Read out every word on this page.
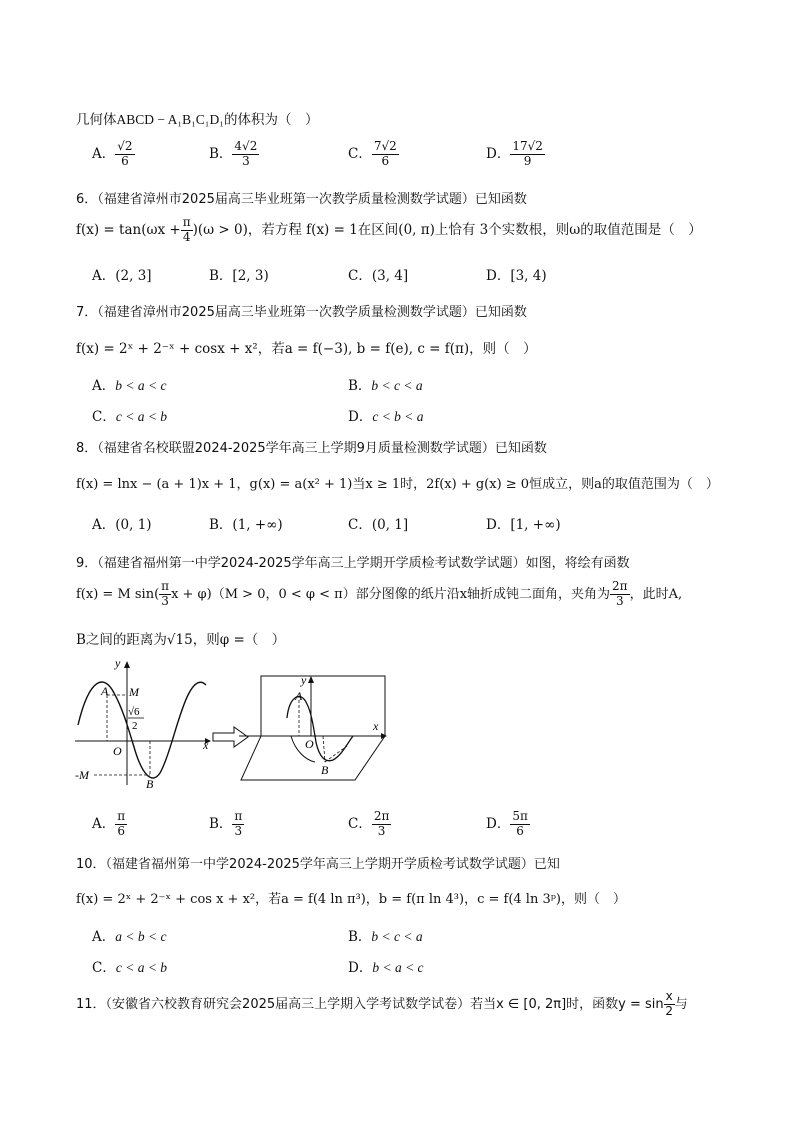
几何体ABCD − A₁B₁C₁D₁的体积为（　）
A． $\frac{√2}{6}$	B． $\frac{4√2}{3}$	C． $\frac{7√2}{6}$	D． $\frac{17√2}{9}$
6．（福建省漳州市2025届高三毕业班第一次教学质量检测数学试题）已知函数
$f(x) = \tan(\omega x + \frac{\pi}{4} )(\omega > 0)$，若方程 f(x) = 1在区间(0, π)上恰有 3个实数根，则ω的取值范围是（　）
A．(2, 3]	B．[2, 3)	C．(3, 4]	D．[3, 4)
7．（福建省漳州市2025届高三毕业班第一次教学质量检测数学试题）已知函数
f(x) = 2ˣ + 2⁻ˣ + cosx + x²，若a = f(−3), b = f(e), c = f(π)，则（　）
A．b < a < c	B．b < c < a
C．c < a < b	D．c < b < a
8．（福建省名校联盟2024-2025学年高三上学期9月质量检测数学试题）已知函数
f(x) = lnx − (a + 1)x + 1，g(x) = a(x² + 1)当x ≥ 1时，2f(x) + g(x) ≥ 0恒成立，则a的取值范围为（　）
A．(0, 1)	B．(1, +∞)	C．(0, 1]	D．[1, +∞)
9．（福建省福州第一中学2024-2025学年高三上学期开学质检考试数学试题）如图，将绘有函数
f(x) = M $\sin( \frac{\pi}{3}$ x + φ)（M > 0，0 < φ < π）部分图像的纸片沿x轴折成钝二面角，夹角为 $\frac{2\pi}{3}$ ，此时A,
B之间的距离为√15，则φ =（　）
y
x
A M
√6
2
O
-M
B
y
x
A
O
B
A． $\frac{\pi}{6}$	B． $\frac{\pi}{3}$	C． $\frac{2\pi}{3}$	D． $\frac{5\pi}{6}$
10．（福建省福州第一中学2024-2025学年高三上学期开学质检考试数学试题）已知
f(x) = 2ˣ + 2⁻ˣ + cos x + x²，若a = f(4 ln π³)，b = f(π ln 4³)，c = f(4 ln 3ᵖ)，则（　）
A．a < b < c	B．b < c < a
C．c < a < b	D．b < a < c
11．（安徽省六校教育研究会2025届高三上学期入学考试数学试卷）若当x ∈ [0, 2π]时，函数$y = \sin \frac{x}{2}$ 与
